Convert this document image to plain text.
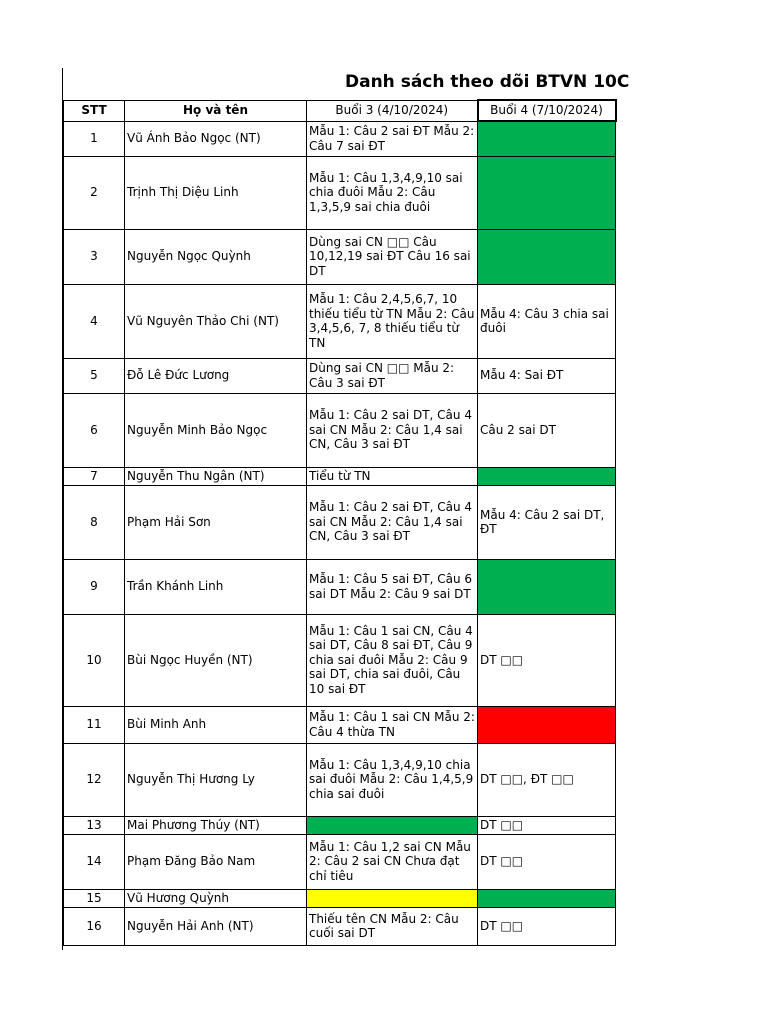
Danh sách theo dõi BTVN 10C
STT	Họ và tên	Buổi 3 (4/10/2024)	Buổi 4 (7/10/2024)
1	Vũ Ánh Bảo Ngọc (NT)	Mẫu 1: Câu 2 sai ĐT Mẫu 2: Câu 7 sai ĐT	
2	Trịnh Thị Diệu Linh	Mẫu 1: Câu 1,3,4,9,10 sai chia đuôi Mẫu 2: Câu 1,3,5,9 sai chia đuôi	
3	Nguyễn Ngọc Quỳnh	Dùng sai CN □□ Câu 10,12,19 sai ĐT Câu 16 sai DT	
4	Vũ Nguyên Thảo Chi (NT)	Mẫu 1: Câu 2,4,5,6,7, 10 thiếu tiểu từ TN Mẫu 2: Câu 3,4,5,6, 7, 8 thiếu tiểu từ TN	Mẫu 4: Câu 3 chia sai đuôi
5	Đỗ Lê Đức Lương	Dùng sai CN □□ Mẫu 2: Câu 3 sai ĐT	Mẫu 4: Sai ĐT
6	Nguyễn Minh Bảo Ngọc	Mẫu 1: Câu 2 sai DT, Câu 4 sai CN Mẫu 2: Câu 1,4 sai CN, Câu 3 sai ĐT	Câu 2 sai DT
7	Nguyễn Thu Ngân (NT)	Tiểu từ TN	
8	Phạm Hải Sơn	Mẫu 1: Câu 2 sai ĐT, Câu 4 sai CN Mẫu 2: Câu 1,4 sai CN, Câu 3 sai ĐT	Mẫu 4: Câu 2 sai DT, ĐT
9	Trần Khánh Linh	Mẫu 1: Câu 5 sai ĐT, Câu 6 sai DT Mẫu 2: Câu 9 sai DT	
10	Bùi Ngọc Huyền (NT)	Mẫu 1: Câu 1 sai CN, Câu 4 sai DT, Câu 8 sai ĐT, Câu 9 chia sai đuôi Mẫu 2: Câu 9 sai DT, chia sai đuôi, Câu 10 sai ĐT	DT □□
11	Bùi Minh Anh	Mẫu 1: Câu 1 sai CN Mẫu 2: Câu 4 thừa TN	
12	Nguyễn Thị Hương Ly	Mẫu 1: Câu 1,3,4,9,10 chia sai đuôi Mẫu 2: Câu 1,4,5,9 chia sai đuôi	DT □□, ĐT □□
13	Mai Phương Thúy (NT)		DT □□
14	Phạm Đăng Bảo Nam	Mẫu 1: Câu 1,2 sai CN Mẫu 2: Câu 2 sai CN Chưa đạt chỉ tiêu	DT □□
15	Vũ Hương Quỳnh		
16	Nguyễn Hải Anh (NT)	Thiếu tên CN Mẫu 2: Câu cuối sai DT	DT □□
